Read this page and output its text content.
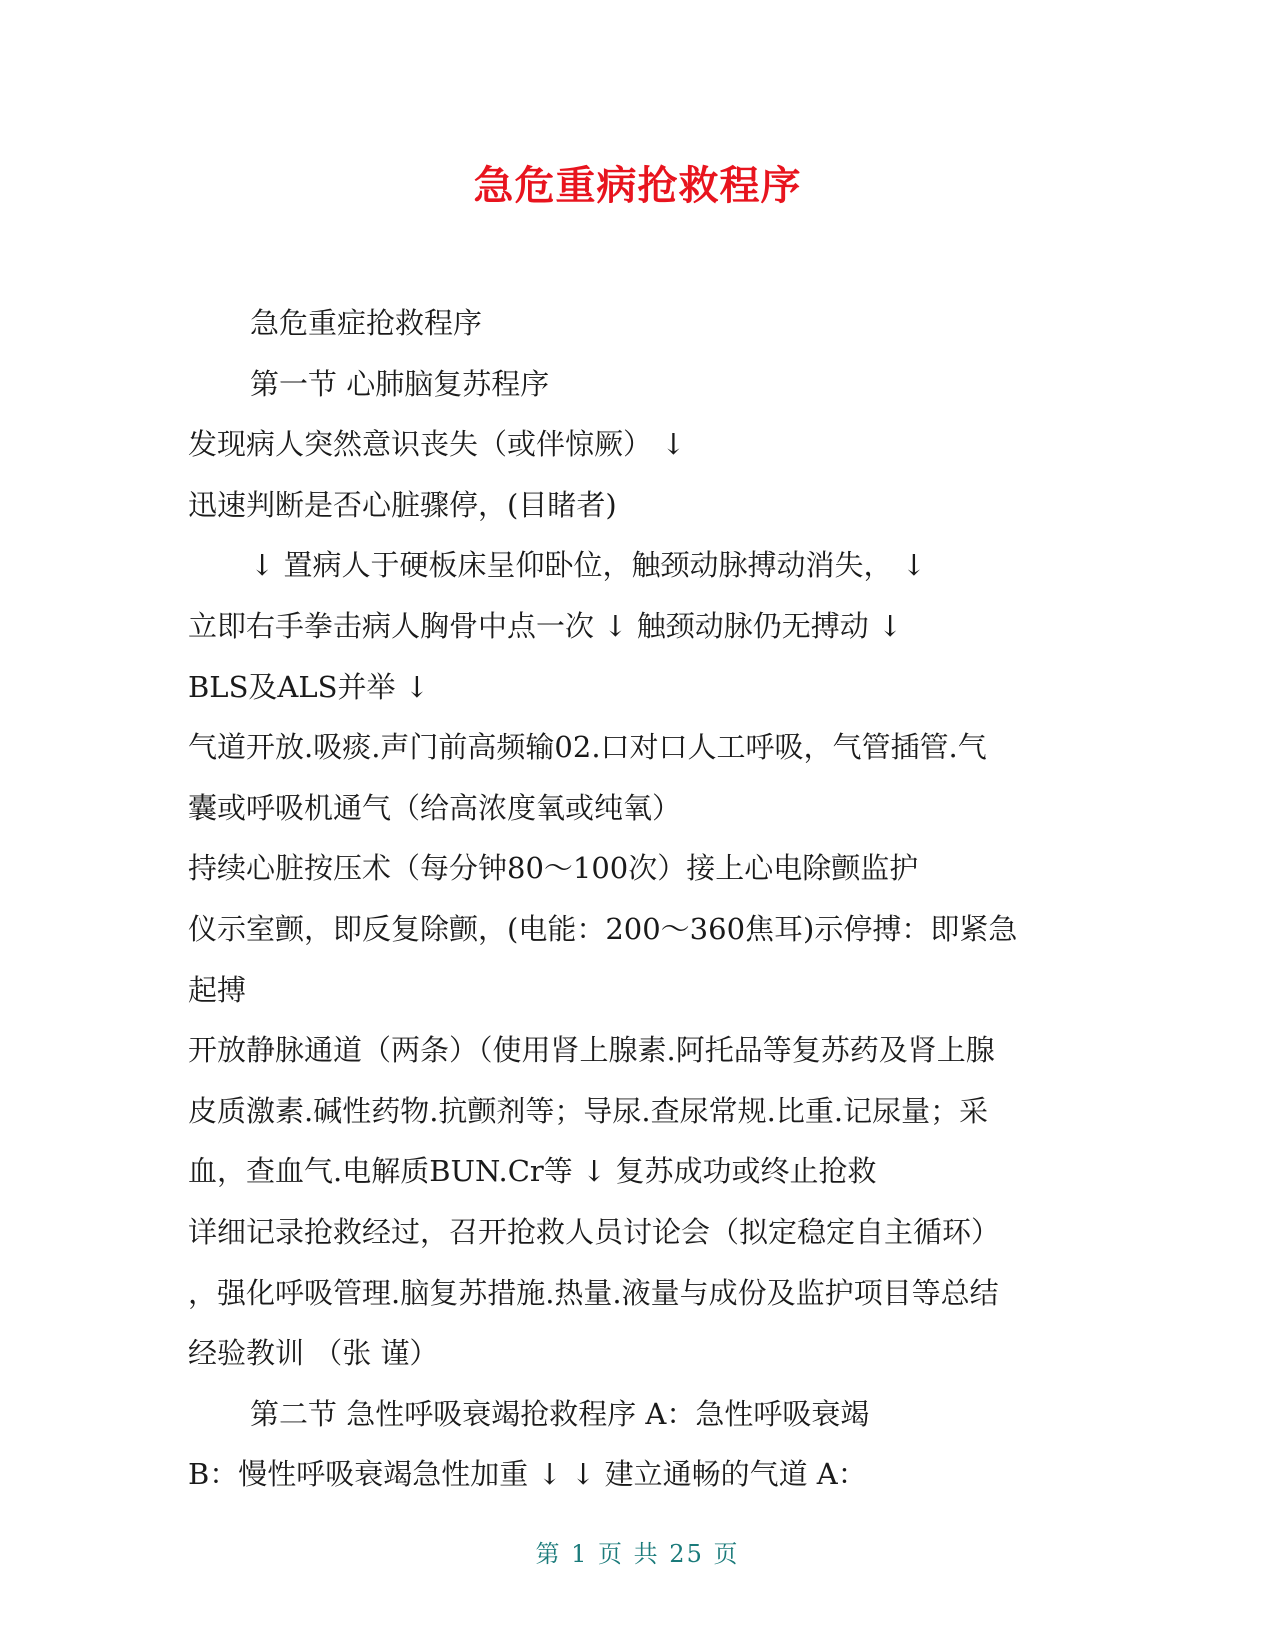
急危重病抢救程序
急危重症抢救程序
第一节 心肺脑复苏程序
发现病人突然意识丧失（或伴惊厥） ↓
迅速判断是否心脏骤停，(目睹者)
↓ 置病人于硬板床呈仰卧位，触颈动脉搏动消失， ↓
立即右手拳击病人胸骨中点一次 ↓ 触颈动脉仍无搏动 ↓
BLS及ALS并举 ↓
气道开放.吸痰.声门前高频输02.口对口人工呼吸，气管插管.气
囊或呼吸机通气（给高浓度氧或纯氧）
持续心脏按压术（每分钟80～100次）接上心电除颤监护
仪示室颤，即反复除颤，(电能：200～360焦耳)示停搏：即紧急
起搏
开放静脉通道（两条）（使用肾上腺素.阿托品等复苏药及肾上腺
皮质激素.碱性药物.抗颤剂等；导尿.查尿常规.比重.记尿量；采
血，查血气.电解质BUN.Cr等 ↓ 复苏成功或终止抢救
详细记录抢救经过，召开抢救人员讨论会（拟定稳定自主循环）
，强化呼吸管理.脑复苏措施.热量.液量与成份及监护项目等总结
经验教训 （张 谨）
第二节 急性呼吸衰竭抢救程序 A：急性呼吸衰竭
B：慢性呼吸衰竭急性加重 ↓ ↓ 建立通畅的气道 A：
第 1 页 共 25 页
